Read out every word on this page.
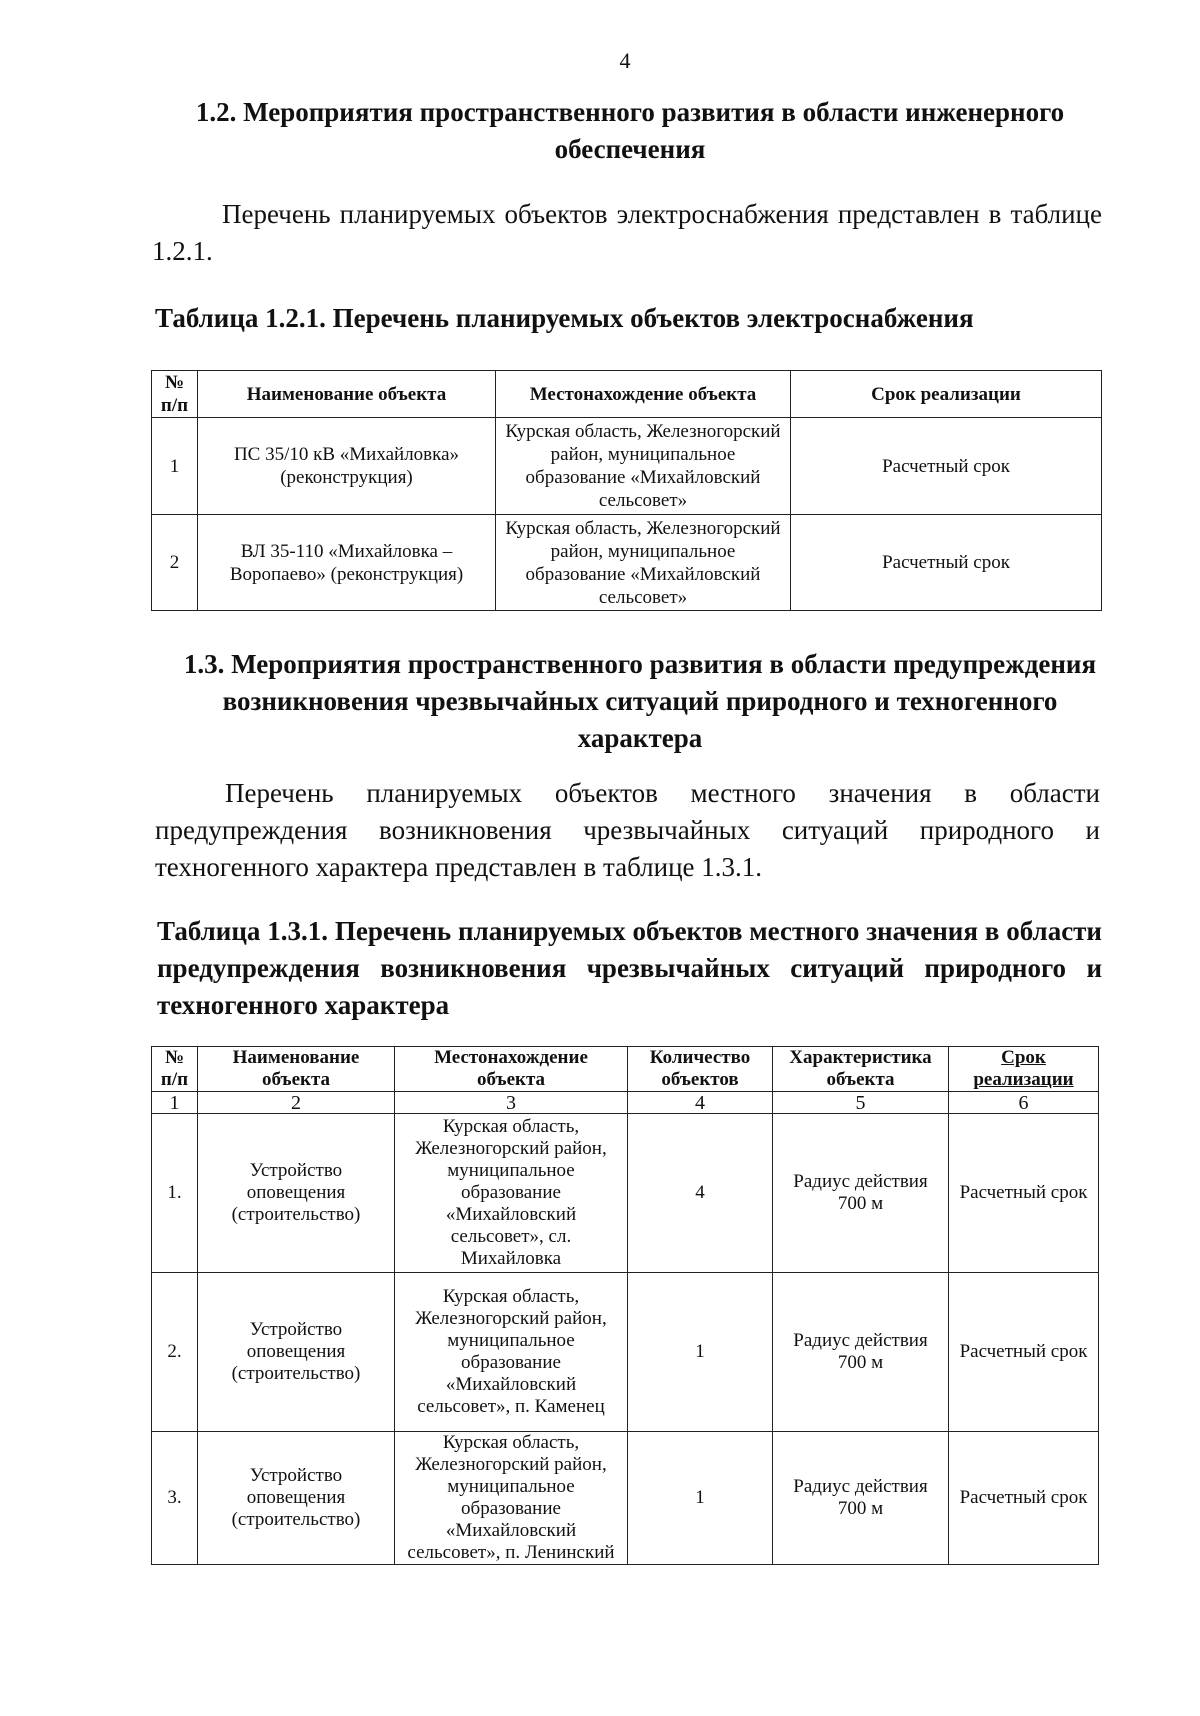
4
1.2. Мероприятия пространственного развития в области инженерного обеспечения
Перечень планируемых объектов электроснабжения представлен в таблице 1.2.1.
Таблица 1.2.1. Перечень планируемых объектов электроснабжения
№ п/п	Наименование объекта	Местонахождение объекта	Срок реализации
1	ПС 35/10 кВ «Михайловка» (реконструкция)	Курская область, Железногорский район, муниципальное образование «Михайловский сельсовет»	Расчетный срок
2	ВЛ 35-110 «Михайловка – Воропаево» (реконструкция)	Курская область, Железногорский район, муниципальное образование «Михайловский сельсовет»	Расчетный срок
1.3. Мероприятия пространственного развития в области предупреждения возникновения чрезвычайных ситуаций природного и техногенного характера
Перечень планируемых объектов местного значения в области предупреждения возникновения чрезвычайных ситуаций природного и техногенного характера представлен в таблице 1.3.1.
Таблица 1.3.1. Перечень планируемых объектов местного значения в области предупреждения возникновения чрезвычайных ситуаций природного и техногенного характера
№ п/п	Наименование объекта	Местонахождение объекта	Количество объектов	Характеристика объекта	Срок реализации
1	2	3	4	5	6
1.	Устройство оповещения (строительство)	Курская область, Железногорский район, муниципальное образование «Михайловский сельсовет», сл. Михайловка	4	Радиус действия 700 м	Расчетный срок
2.	Устройство оповещения (строительство)	Курская область, Железногорский район, муниципальное образование «Михайловский сельсовет», п. Каменец	1	Радиус действия 700 м	Расчетный срок
3.	Устройство оповещения (строительство)	Курская область, Железногорский район, муниципальное образование «Михайловский сельсовет», п. Ленинский	1	Радиус действия 700 м	Расчетный срок
